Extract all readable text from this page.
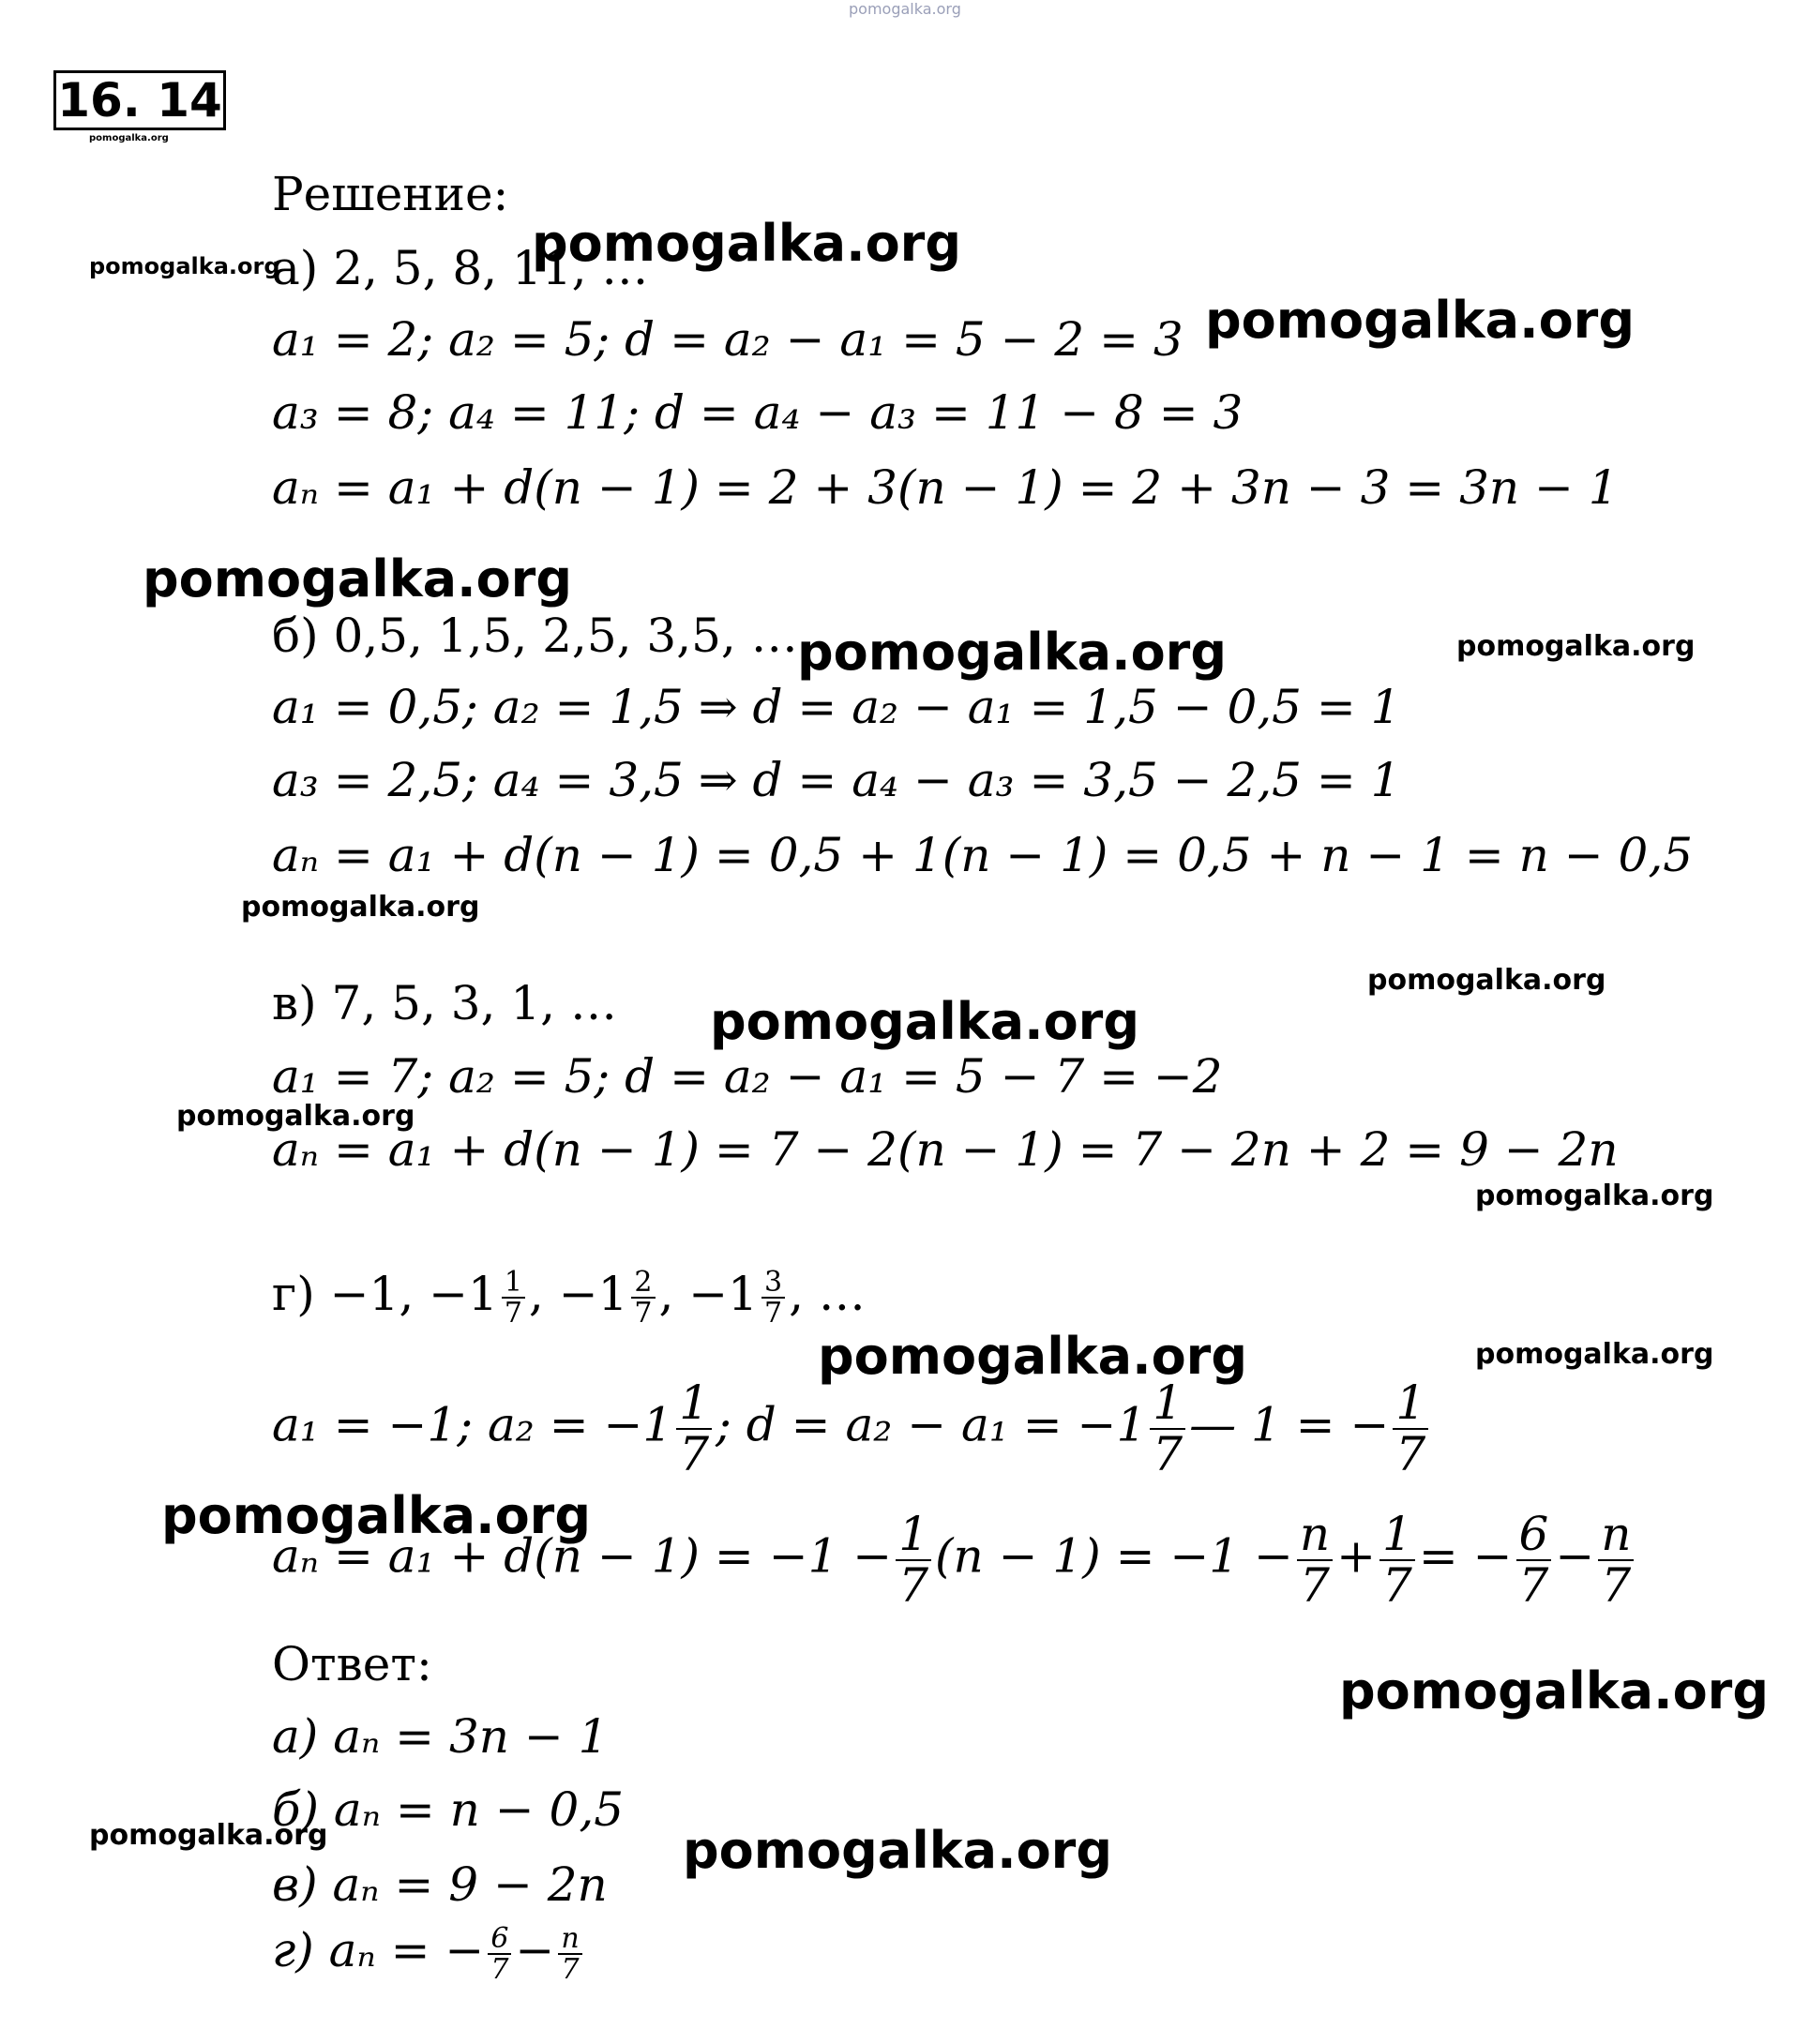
pomogalka.org
pomogalka.org
pomogalka.org	pomogalka.org
pomogalka.org
pomogalka.org
pomogalka.org	pomogalka.org
pomogalka.org
pomogalka.org
pomogalka.org
pomogalka.org
pomogalka.org
pomogalka.org	pomogalka.org
pomogalka.org
pomogalka.org
pomogalka.org	pomogalka.org
16. 14
Решение:
а) 2, 5, 8, 11, …
a₁ = 2; a₂ = 5; d = a₂ − a₁ = 5 − 2 = 3
a₃ = 8; a₄ = 11; d = a₄ − a₃ = 11 − 8 = 3
aₙ = a₁ + d(n − 1) = 2 + 3(n − 1) = 2 + 3n − 3 = 3n − 1
б) 0,5, 1,5, 2,5, 3,5, …
a₁ = 0,5; a₂ = 1,5 ⇒ d = a₂ − a₁ = 1,5 − 0,5 = 1
a₃ = 2,5; a₄ = 3,5 ⇒ d = a₄ − a₃ = 3,5 − 2,5 = 1
aₙ = a₁ + d(n − 1) = 0,5 + 1(n − 1) = 0,5 + n − 1 = n − 0,5
в) 7, 5, 3, 1, …
a₁ = 7; a₂ = 5; d = a₂ − a₁ = 5 − 7 = −2
aₙ = a₁ + d(n − 1) = 7 − 2(n − 1) = 7 − 2n + 2 = 9 − 2n
г) −1, $-1 \frac{1}{7}$ , $-1 \frac{2}{7}$ , $-1 \frac{3}{7}$ , …
a₁ = −1; $a_2 = -1 \frac{1}{7}$ ; $d = a_2 - a_1 = -1 \frac{1}{7}$ — 1 = − $\frac{1}{7}$
$a_n = a_1 + d(n - 1) = -1 - \frac{1}{7} (n - 1) = -1 - \frac{n}{7} + \frac{1}{7}$ = − $\frac{6}{7} - \frac{n}{7}$
Ответ:
а) aₙ = 3n − 1
б) aₙ = n − 0,5
в) aₙ = 9 − 2n
г) aₙ = − $\frac{6}{7} - \frac{n}{7}$
